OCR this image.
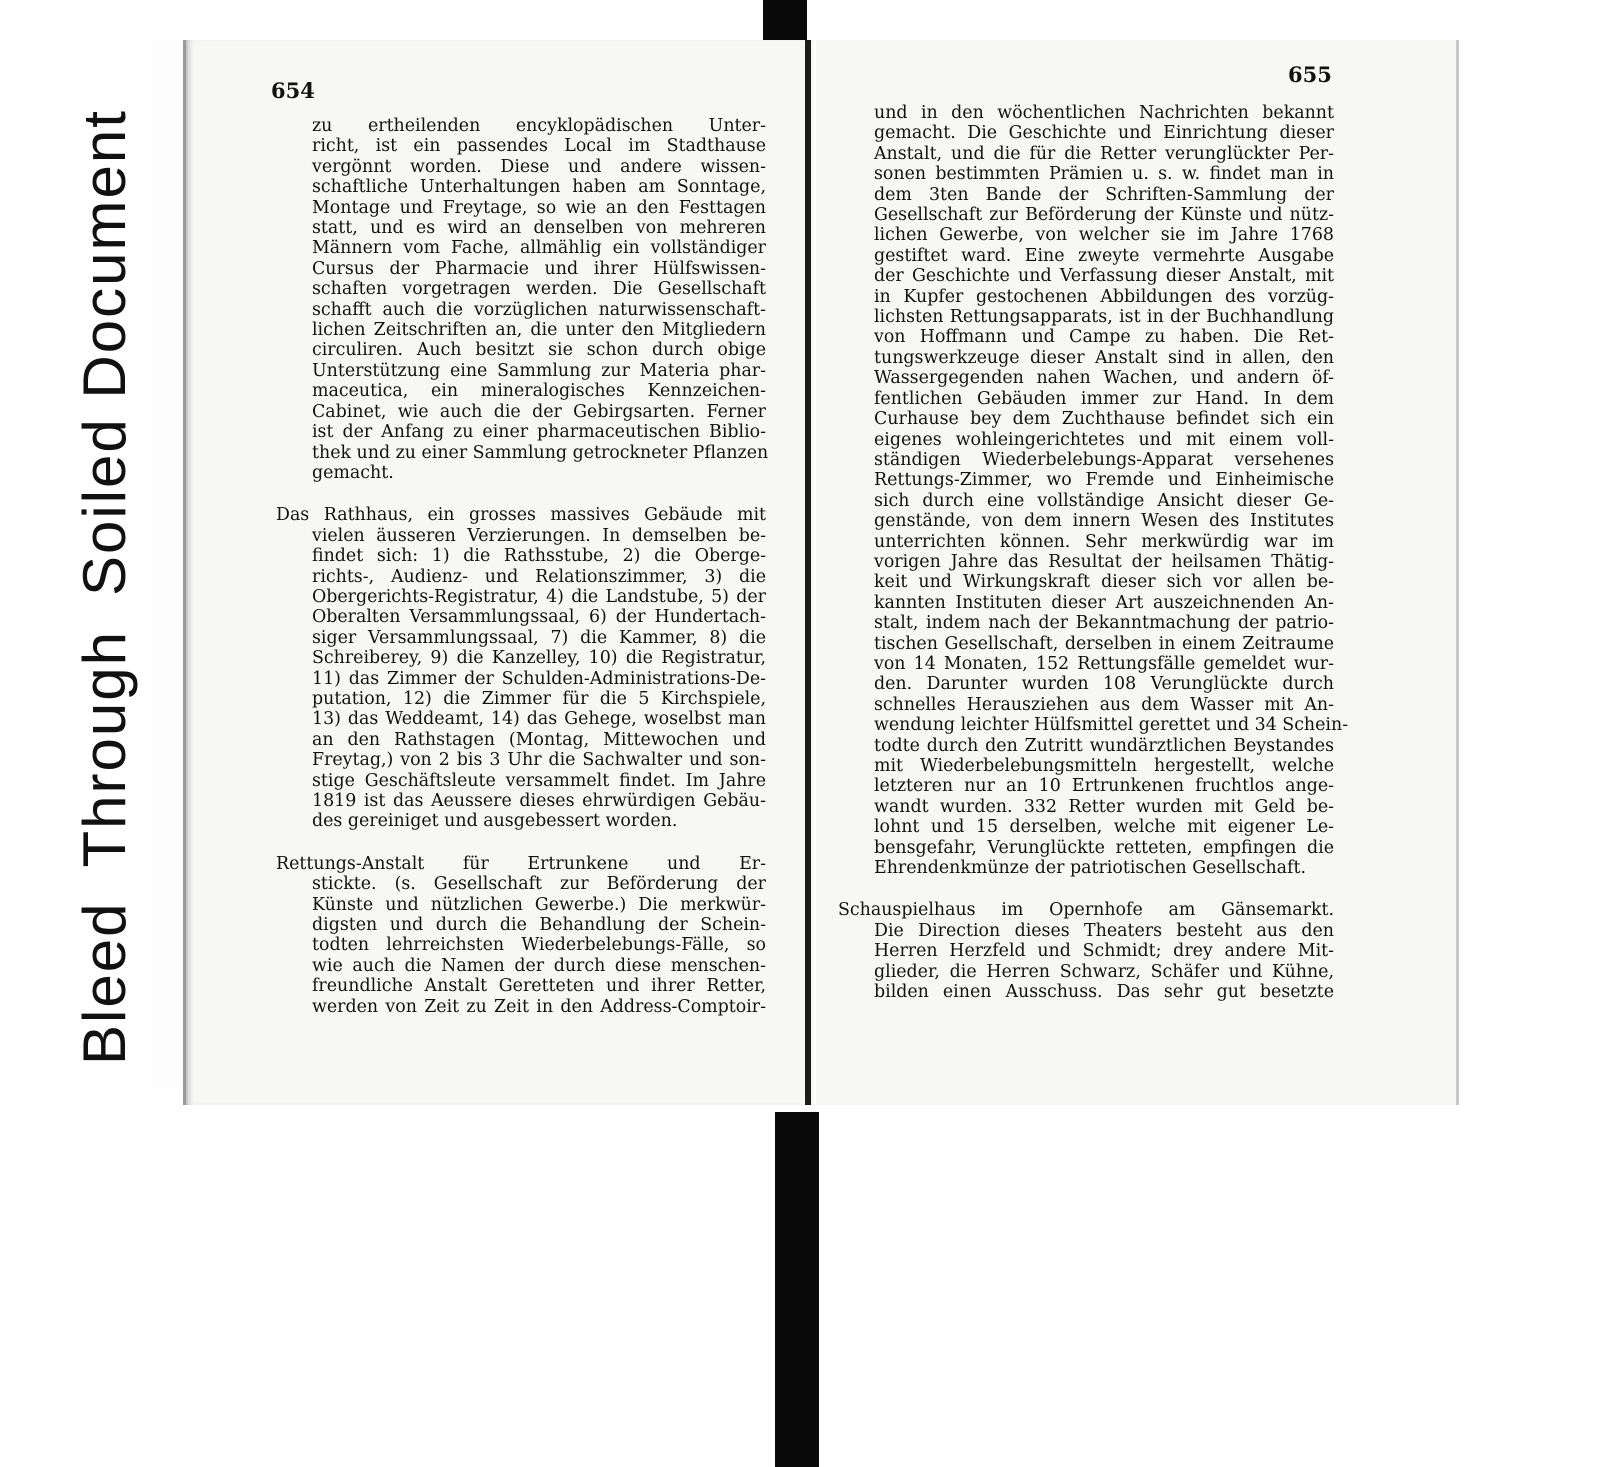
BleedThroughSoiled Document
654
655
zu ertheilenden encyklopädischen Unter-
richt, ist ein passendes Local im Stadthause
vergönnt worden. Diese und andere wissen-
schaftliche Unterhaltungen haben am Sonntage,
Montage und Freytage, so wie an den Festtagen
statt, und es wird an denselben von mehreren
Männern vom Fache, allmählig ein vollständiger
Cursus der Pharmacie und ihrer Hülfswissen-
schaften vorgetragen werden. Die Gesellschaft
schafft auch die vorzüglichen naturwissenschaft-
lichen Zeitschriften an, die unter den Mitgliedern
circuliren. Auch besitzt sie schon durch obige
Unterstützung eine Sammlung zur Materia phar-
maceutica, ein mineralogisches Kennzeichen-
Cabinet, wie auch die der Gebirgsarten. Ferner
ist der Anfang zu einer pharmaceutischen Biblio-
thek und zu einer Sammlung getrockneter Pflanzen
gemacht.
Das Rathhaus, ein grosses massives Gebäude mit
vielen äusseren Verzierungen. In demselben be-
findet sich: 1) die Rathsstube, 2) die Oberge-
richts-, Audienz- und Relationszimmer, 3) die
Obergerichts-Registratur, 4) die Landstube, 5) der
Oberalten Versammlungssaal, 6) der Hundertach-
siger Versammlungssaal, 7) die Kammer, 8) die
Schreiberey, 9) die Kanzelley, 10) die Registratur,
11) das Zimmer der Schulden-Administrations-De-
putation, 12) die Zimmer für die 5 Kirchspiele,
13) das Weddeamt, 14) das Gehege, woselbst man
an den Rathstagen (Montag, Mittewochen und
Freytag,) von 2 bis 3 Uhr die Sachwalter und son-
stige Geschäftsleute versammelt findet. Im Jahre
1819 ist das Aeussere dieses ehrwürdigen Gebäu-
des gereiniget und ausgebessert worden.
Rettungs-Anstalt für Ertrunkene und Er-
stickte. (s. Gesellschaft zur Beförderung der
Künste und nützlichen Gewerbe.) Die merkwür-
digsten und durch die Behandlung der Schein-
todten lehrreichsten Wiederbelebungs-Fälle, so
wie auch die Namen der durch diese menschen-
freundliche Anstalt Geretteten und ihrer Retter,
werden von Zeit zu Zeit in den Address-Comptoir-
und in den wöchentlichen Nachrichten bekannt
gemacht. Die Geschichte und Einrichtung dieser
Anstalt, und die für die Retter verunglückter Per-
sonen bestimmten Prämien u. s. w. findet man in
dem 3ten Bande der Schriften-Sammlung der
Gesellschaft zur Beförderung der Künste und nütz-
lichen Gewerbe, von welcher sie im Jahre 1768
gestiftet ward. Eine zweyte vermehrte Ausgabe
der Geschichte und Verfassung dieser Anstalt, mit
in Kupfer gestochenen Abbildungen des vorzüg-
lichsten Rettungsapparats, ist in der Buchhandlung
von Hoffmann und Campe zu haben. Die Ret-
tungswerkzeuge dieser Anstalt sind in allen, den
Wassergegenden nahen Wachen, und andern öf-
fentlichen Gebäuden immer zur Hand. In dem
Curhause bey dem Zuchthause befindet sich ein
eigenes wohleingerichtetes und mit einem voll-
ständigen Wiederbelebungs-Apparat versehenes
Rettungs-Zimmer, wo Fremde und Einheimische
sich durch eine vollständige Ansicht dieser Ge-
genstände, von dem innern Wesen des Institutes
unterrichten können. Sehr merkwürdig war im
vorigen Jahre das Resultat der heilsamen Thätig-
keit und Wirkungskraft dieser sich vor allen be-
kannten Instituten dieser Art auszeichnenden An-
stalt, indem nach der Bekanntmachung der patrio-
tischen Gesellschaft, derselben in einem Zeitraume
von 14 Monaten, 152 Rettungsfälle gemeldet wur-
den. Darunter wurden 108 Verunglückte durch
schnelles Herausziehen aus dem Wasser mit An-
wendung leichter Hülfsmittel gerettet und 34 Schein-
todte durch den Zutritt wundärztlichen Beystandes
mit Wiederbelebungsmitteln hergestellt, welche
letzteren nur an 10 Ertrunkenen fruchtlos ange-
wandt wurden. 332 Retter wurden mit Geld be-
lohnt und 15 derselben, welche mit eigener Le-
bensgefahr, Verunglückte retteten, empfingen die
Ehrendenkmünze der patriotischen Gesellschaft.
Schauspielhaus im Opernhofe am Gänsemarkt.
Die Direction dieses Theaters besteht aus den
Herren Herzfeld und Schmidt; drey andere Mit-
glieder, die Herren Schwarz, Schäfer und Kühne,
bilden einen Ausschuss. Das sehr gut besetzte
